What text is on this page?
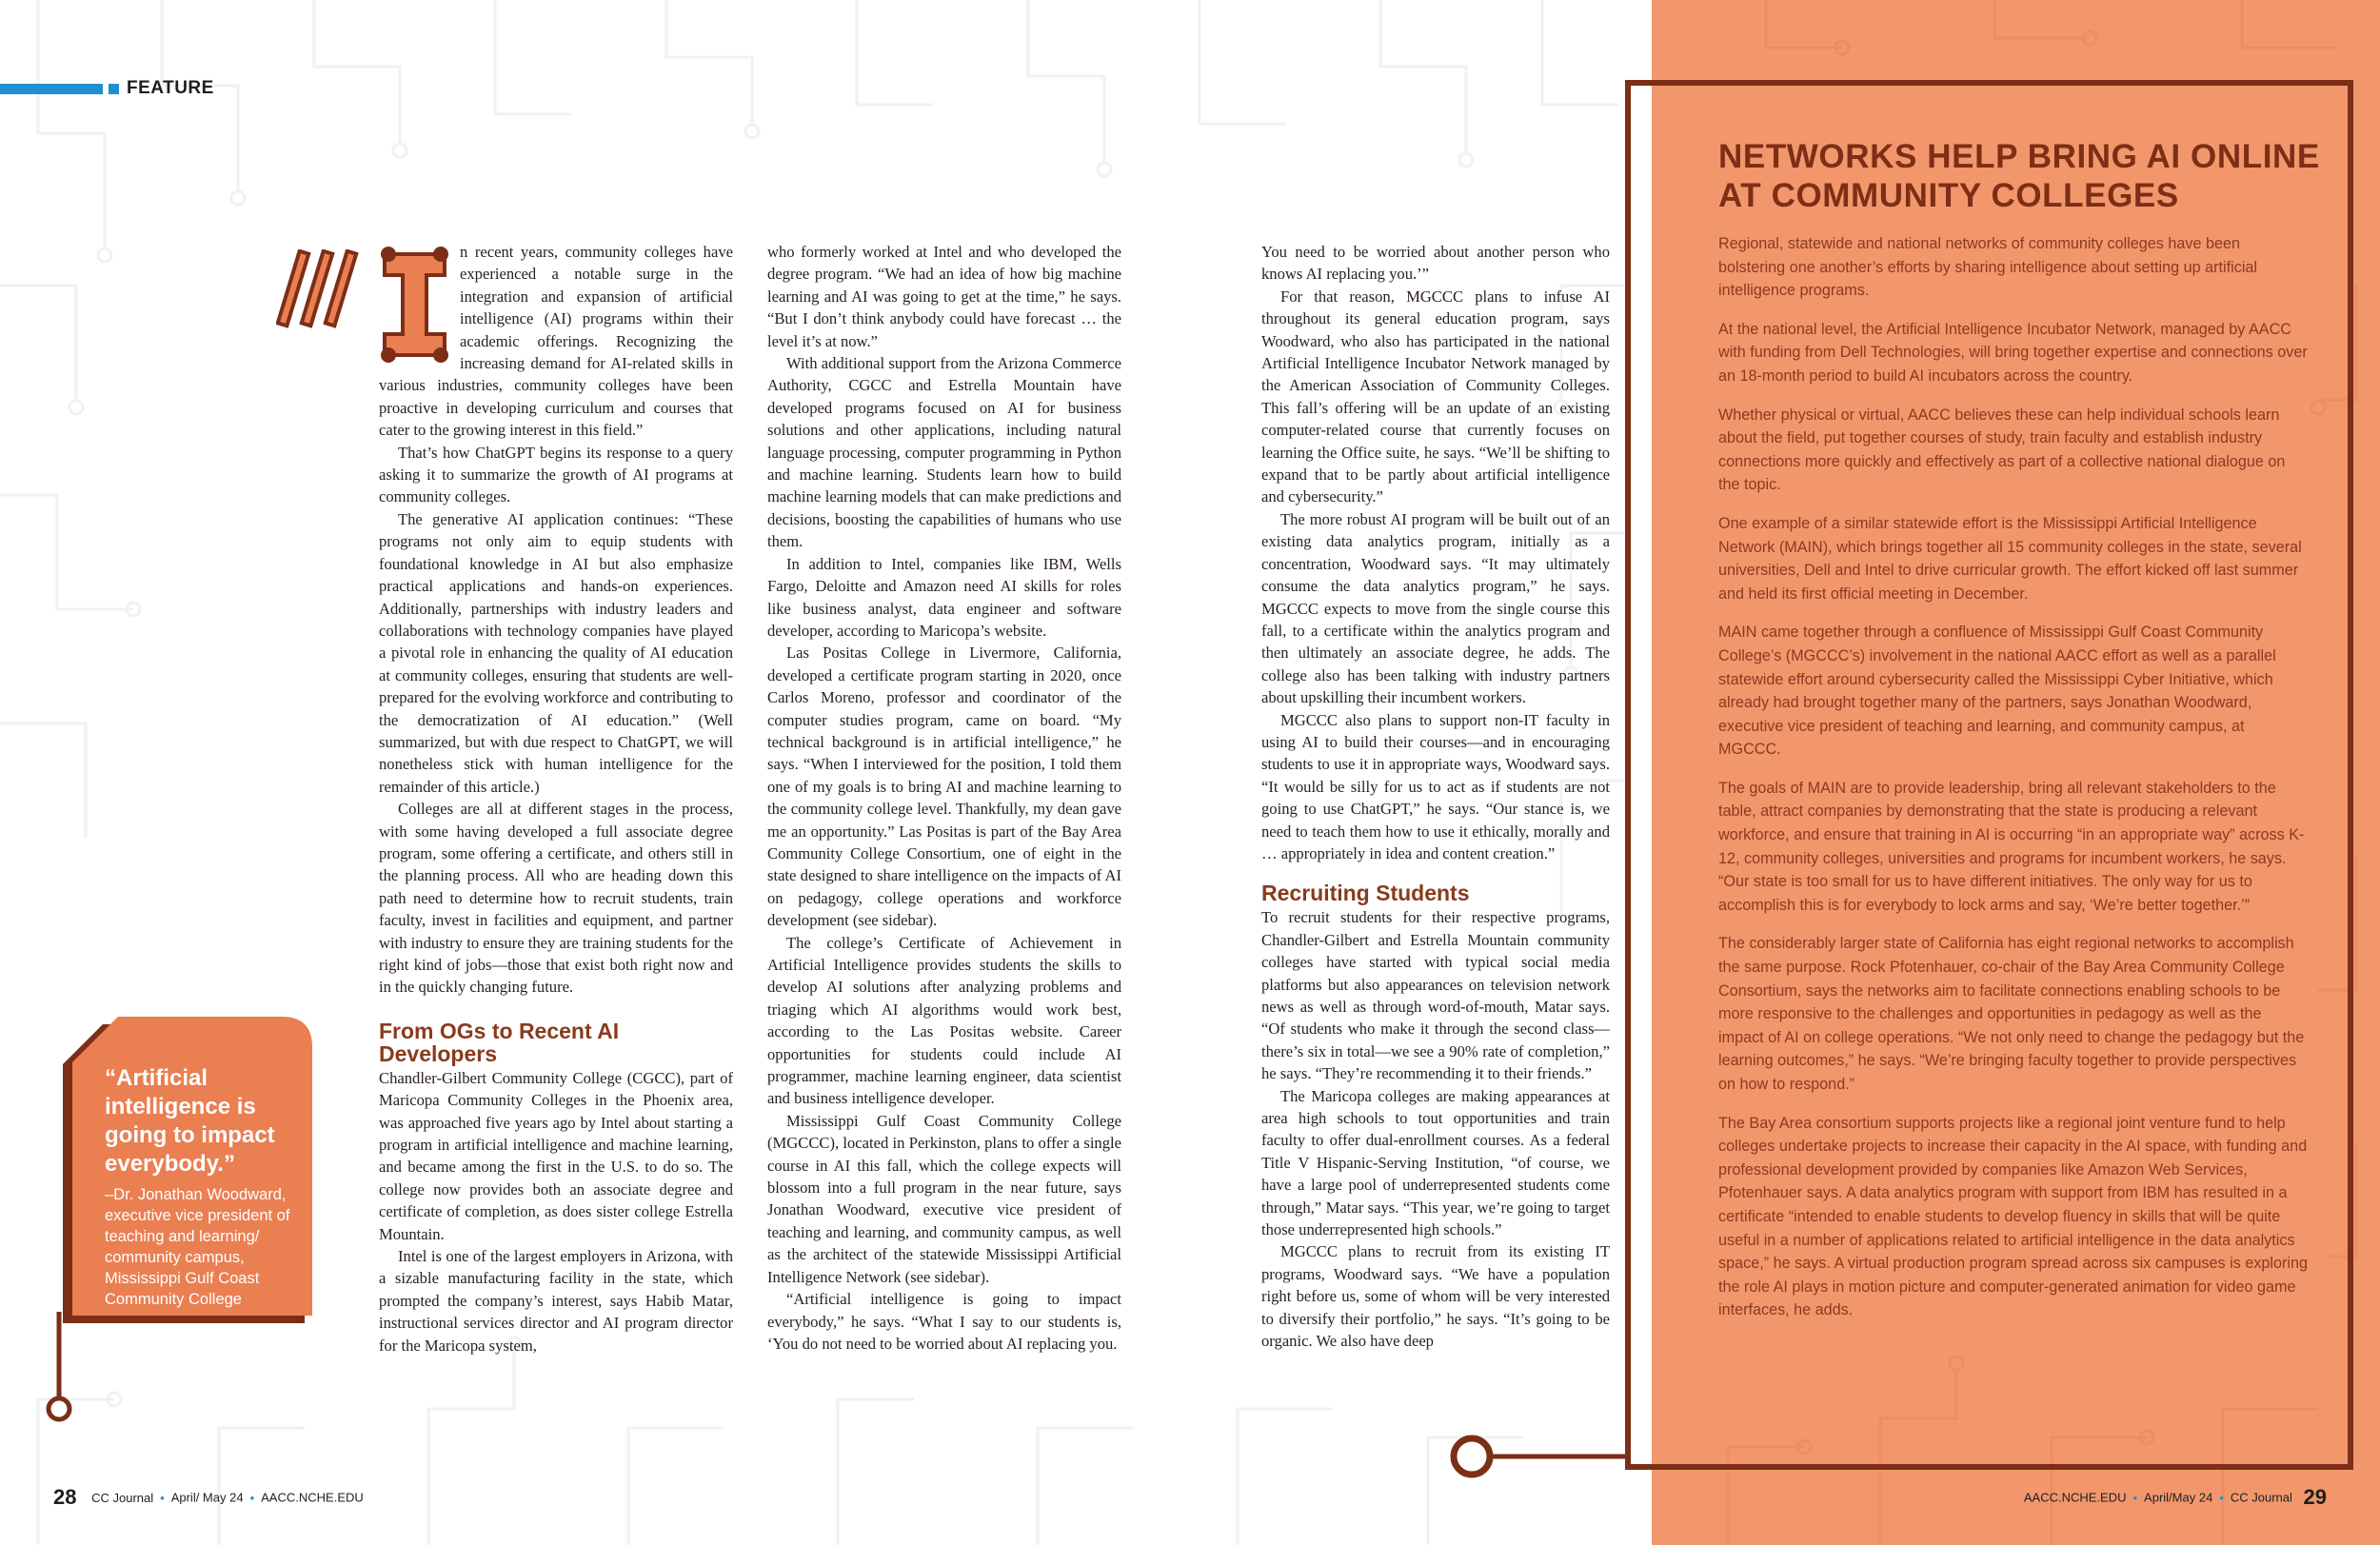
FEATURE

n recent years, community colleges have experienced a notable surge in the integration and expansion of artificial intelligence (AI) programs within their academic offerings. Recognizing the increasing demand for AI-related skills in various industries, community colleges have been proactive in developing curriculum and courses that cater to the growing interest in this field.”

That’s how ChatGPT begins its response to a query asking it to summarize the growth of AI programs at community colleges.

The generative AI application continues: “These programs not only aim to equip students with foundational knowledge in AI but also emphasize practical applications and hands-on experiences. Additionally, partnerships with industry leaders and collaborations with technology companies have played a pivotal role in enhancing the quality of AI education at community colleges, ensuring that students are well-prepared for the evolving workforce and contributing to the democratization of AI education.” (Well summarized, but with due respect to ChatGPT, we will nonetheless stick with human intelligence for the remainder of this article.)

Colleges are all at different stages in the process, with some having developed a full associate degree program, some offering a certificate, and others still in the planning process. All who are heading down this path need to determine how to recruit students, train faculty, invest in facilities and equipment, and partner with industry to ensure they are training students for the right kind of jobs—those that exist both right now and in the quickly changing future.

From OGs to Recent AI Developers

Chandler-Gilbert Community College (CGCC), part of Maricopa Community Colleges in the Phoenix area, was approached five years ago by Intel about starting a program in artificial intelligence and machine learning, and became among the first in the U.S. to do so. The college now provides both an associate degree and certificate of completion, as does sister college Estrella Mountain.

Intel is one of the largest employers in Arizona, with a sizable manufacturing facility in the state, which prompted the company’s interest, says Habib Matar, instructional services director and AI program director for the Maricopa system,

who formerly worked at Intel and who developed the degree program. “We had an idea of how big machine learning and AI was going to get at the time,” he says. “But I don’t think anybody could have forecast … the level it’s at now.”

With additional support from the Arizona Commerce Authority, CGCC and Estrella Mountain have developed programs focused on AI for business solutions and other applications, including natural language processing, computer programming in Python and machine learning. Students learn how to build machine learning models that can make predictions and decisions, boosting the capabilities of humans who use them.

In addition to Intel, companies like IBM, Wells Fargo, Deloitte and Amazon need AI skills for roles like business analyst, data engineer and software developer, according to Maricopa’s website.

Las Positas College in Livermore, California, developed a certificate program starting in 2020, once Carlos Moreno, professor and coordinator of the computer studies program, came on board. “My technical background is in artificial intelligence,” he says. “When I interviewed for the position, I told them one of my goals is to bring AI and machine learning to the community college level. Thankfully, my dean gave me an opportunity.” Las Positas is part of the Bay Area Community College Consortium, one of eight in the state designed to share intelligence on the impacts of AI on pedagogy, college operations and workforce development (see sidebar).

The college’s Certificate of Achievement in Artificial Intelligence provides students the skills to develop AI solutions after analyzing problems and triaging which AI algorithms would work best, according to the Las Positas website. Career opportunities for students could include AI programmer, machine learning engineer, data scientist and business intelligence developer.

Mississippi Gulf Coast Community College (MGCCC), located in Perkinston, plans to offer a single course in AI this fall, which the college expects will blossom into a full program in the near future, says Jonathan Woodward, executive vice president of teaching and learning, and community campus, as well as the architect of the statewide Mississippi Artificial Intelligence Network (see sidebar).

“Artificial intelligence is going to impact everybody,” he says. “What I say to our students is, ‘You do not need to be worried about AI replacing you.

You need to be worried about another person who knows AI replacing you.’”

For that reason, MGCCC plans to infuse AI throughout its general education program, says Woodward, who also has participated in the national Artificial Intelligence Incubator Network managed by the American Association of Community Colleges. This fall’s offering will be an update of an existing computer-related course that currently focuses on learning the Office suite, he says. “We’ll be shifting to expand that to be partly about artificial intelligence and cybersecurity.”

The more robust AI program will be built out of an existing data analytics program, initially as a concentration, Woodward says. “It may ultimately consume the data analytics program,” he says. MGCCC expects to move from the single course this fall, to a certificate within the analytics program and then ultimately an associate degree, he adds. The college also has been talking with industry partners about upskilling their incumbent workers.

MGCCC also plans to support non-IT faculty in using AI to build their courses—and in encouraging students to use it in appropriate ways, Woodward says. “It would be silly for us to act as if students are not going to use ChatGPT,” he says. “Our stance is, we need to teach them how to use it ethically, morally and … appropriately in idea and content creation.”

Recruiting Students

To recruit students for their respective programs, Chandler-Gilbert and Estrella Mountain community colleges have started with typical social media platforms but also appearances on television network news as well as through word-of-mouth, Matar says. “Of students who make it through the second class—there’s six in total—we see a 90% rate of completion,” he says. “They’re recommending it to their friends.”

The Maricopa colleges are making appearances at area high schools to tout opportunities and train faculty to offer dual-enrollment courses. As a federal Title V Hispanic-Serving Institution, “of course, we have a large pool of underrepresented students come through,” Matar says. “This year, we’re going to target those underrepresented high schools.”

MGCCC plans to recruit from its existing IT programs, Woodward says. “We have a population right before us, some of whom will be very interested to diversify their portfolio,” he says. “It’s going to be organic. We also have deep

“Artificial intelligence is going to impact everybody.”
–Dr. Jonathan Woodward, executive vice president of teaching and learning/ community campus, Mississippi Gulf Coast Community College
NETWORKS HELP BRING AI ONLINE AT COMMUNITY COLLEGES

Regional, statewide and national networks of community colleges have been bolstering one another’s efforts by sharing intelligence about setting up artificial intelligence programs.

At the national level, the Artificial Intelligence Incubator Network, managed by AACC with funding from Dell Technologies, will bring together expertise and connections over an 18-month period to build AI incubators across the country.

Whether physical or virtual, AACC believes these can help individual schools learn about the field, put together courses of study, train faculty and establish industry connections more quickly and effectively as part of a collective national dialogue on the topic.

One example of a similar statewide effort is the Mississippi Artificial Intelligence Network (MAIN), which brings together all 15 community colleges in the state, several universities, Dell and Intel to drive curricular growth. The effort kicked off last summer and held its first official meeting in December.

MAIN came together through a confluence of Mississippi Gulf Coast Community College’s (MGCCC’s) involvement in the national AACC effort as well as a parallel statewide effort around cybersecurity called the Mississippi Cyber Initiative, which already had brought together many of the partners, says Jonathan Woodward, executive vice president of teaching and learning, and community campus, at MGCCC.

The goals of MAIN are to provide leadership, bring all relevant stakeholders to the table, attract companies by demonstrating that the state is producing a relevant workforce, and ensure that training in AI is occurring “in an appropriate way” across K-12, community colleges, universities and programs for incumbent workers, he says. “Our state is too small for us to have different initiatives. The only way for us to accomplish this is for everybody to lock arms and say, ‘We’re better together.’”

The considerably larger state of California has eight regional networks to accomplish the same purpose. Rock Pfotenhauer, co-chair of the Bay Area Community College Consortium, says the networks aim to facilitate connections enabling schools to be more responsive to the challenges and opportunities in pedagogy as well as the impact of AI on college operations. “We not only need to change the pedagogy but the learning outcomes,” he says. “We’re bringing faculty together to provide perspectives on how to respond.”

The Bay Area consortium supports projects like a regional joint venture fund to help colleges undertake projects to increase their capacity in the AI space, with funding and professional development provided by companies like Amazon Web Services, Pfotenhauer says. A data analytics program with support from IBM has resulted in a certificate “intended to enable students to develop fluency in skills that will be quite useful in a number of applications related to artificial intelligence in the data analytics space,” he says. A virtual production program spread across six campuses is exploring the role AI plays in motion picture and computer-generated animation for video game interfaces, he adds.

28 CC Journal • April/ May 24 • AACC.NCHE.EDU	AACC.NCHE.EDU • April/May 24 • CC Journal 29
